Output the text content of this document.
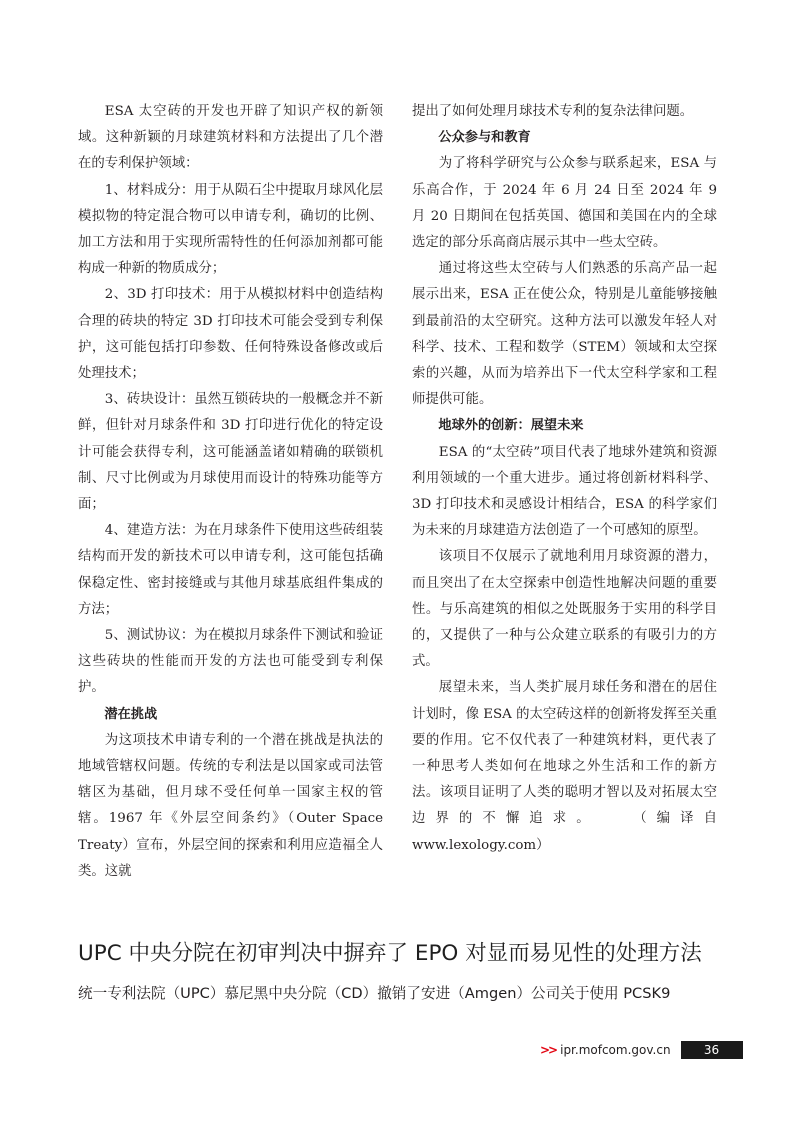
ESA 太空砖的开发也开辟了知识产权的新领域。这种新颖的月球建筑材料和方法提出了几个潜在的专利保护领域：

1、材料成分：用于从陨石尘中提取月球风化层模拟物的特定混合物可以申请专利，确切的比例、加工方法和用于实现所需特性的任何添加剂都可能构成一种新的物质成分；

2、3D 打印技术：用于从模拟材料中创造结构合理的砖块的特定 3D 打印技术可能会受到专利保护，这可能包括打印参数、任何特殊设备修改或后处理技术；

3、砖块设计：虽然互锁砖块的一般概念并不新鲜，但针对月球条件和 3D 打印进行优化的特定设计可能会获得专利，这可能涵盖诸如精确的联锁机制、尺寸比例或为月球使用而设计的特殊功能等方面；

4、建造方法：为在月球条件下使用这些砖组装结构而开发的新技术可以申请专利，这可能包括确保稳定性、密封接缝或与其他月球基底组件集成的方法；

5、测试协议：为在模拟月球条件下测试和验证这些砖块的性能而开发的方法也可能受到专利保护。

潜在挑战

为这项技术申请专利的一个潜在挑战是执法的地域管辖权问题。传统的专利法是以国家或司法管辖区为基础，但月球不受任何单一国家主权的管辖。1967 年《外层空间条约》（Outer Space Treaty）宣布，外层空间的探索和利用应造福全人类。这就

提出了如何处理月球技术专利的复杂法律问题。

公众参与和教育

为了将科学研究与公众参与联系起来，ESA 与乐高合作，于 2024 年 6 月 24 日至 2024 年 9 月 20 日期间在包括英国、德国和美国在内的全球选定的部分乐高商店展示其中一些太空砖。

通过将这些太空砖与人们熟悉的乐高产品一起展示出来，ESA 正在使公众，特别是儿童能够接触到最前沿的太空研究。这种方法可以激发年轻人对科学、技术、工程和数学（STEM）领域和太空探索的兴趣，从而为培养出下一代太空科学家和工程师提供可能。

地球外的创新：展望未来

ESA 的“太空砖”项目代表了地球外建筑和资源利用领域的一个重大进步。通过将创新材料科学、3D 打印技术和灵感设计相结合，ESA 的科学家们为未来的月球建造方法创造了一个可感知的原型。

该项目不仅展示了就地利用月球资源的潜力，而且突出了在太空探索中创造性地解决问题的重要性。与乐高建筑的相似之处既服务于实用的科学目的，又提供了一种与公众建立联系的有吸引力的方式。

展望未来，当人类扩展月球任务和潜在的居住计划时，像 ESA 的太空砖这样的创新将发挥至关重要的作用。它不仅代表了一种建筑材料，更代表了一种思考人类如何在地球之外生活和工作的新方法。该项目证明了人类的聪明才智以及对拓展太空边界的不懈追求。　　（编译自 www.lexology.com）

UPC 中央分院在初审判决中摒弃了 EPO 对显而易见性的处理方法
统一专利法院（UPC）慕尼黑中央分院（CD）撤销了安进（Amgen）公司关于使用 PCSK9
>> ipr.mofcom.gov.cn	36
